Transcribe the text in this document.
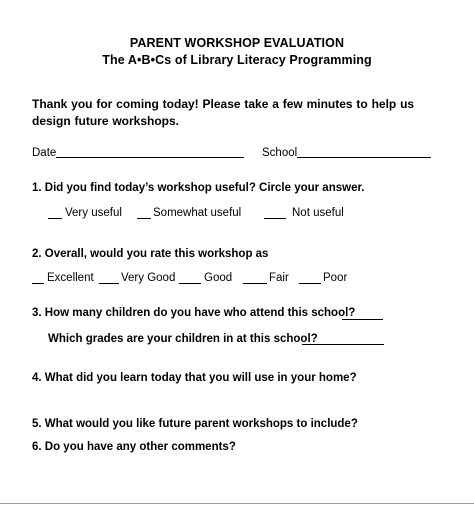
PARENT WORKSHOP EVALUATION
The A•B•Cs of Library Literacy Programming
Thank you for coming today! Please take a few minutes to help us design future workshops.
Date	School
1. Did you find today’s workshop useful? Circle your answer.
Very useful	Somewhat useful	Not useful
2. Overall, would you rate this workshop as
Excellent Very Good Good	Fair	Poor
3. How many children do you have who attend this school?
Which grades are your children in at this school?
4. What did you learn today that you will use in your home?
5. What would you like future parent workshops to include?
6. Do you have any other comments?
